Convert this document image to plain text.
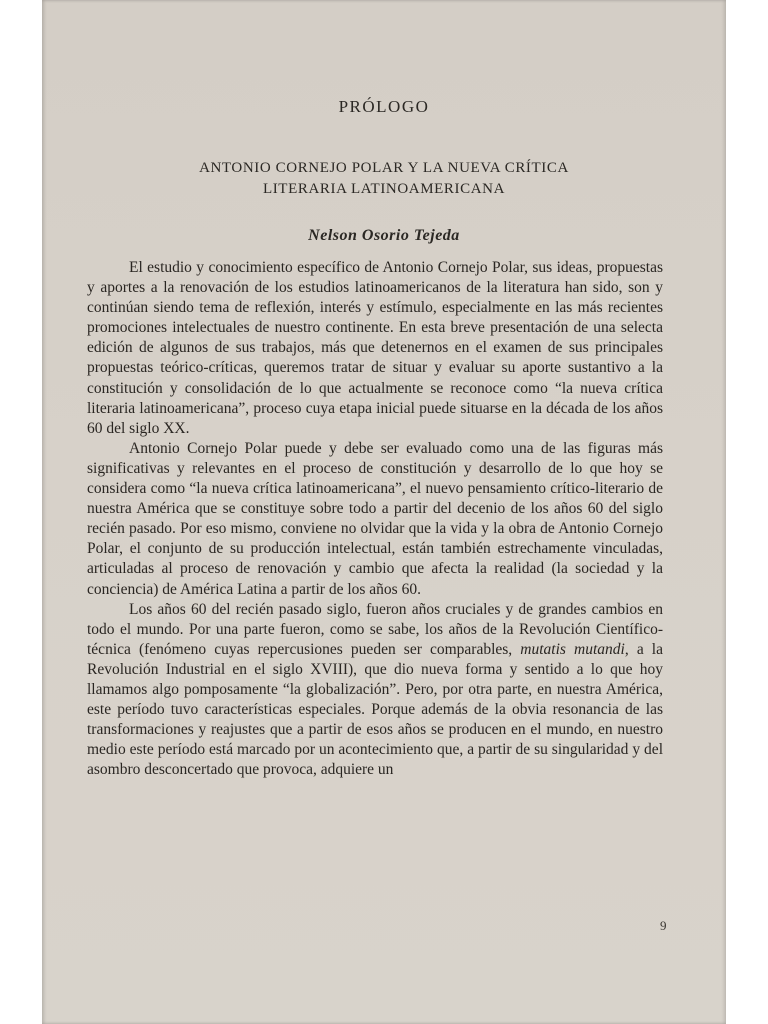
PRÓLOGO
ANTONIO CORNEJO POLAR Y LA NUEVA CRÍTICA
LITERARIA LATINOAMERICANA
Nelson Osorio Tejeda

El estudio y conocimiento específico de Antonio Cornejo Polar, sus ideas, propuestas y aportes a la renovación de los estudios latinoamericanos de la literatura han sido, son y continúan siendo tema de reflexión, interés y estímulo, especialmente en las más recientes promociones intelectuales de nuestro continente. En esta breve presentación de una selecta edición de algunos de sus trabajos, más que detenernos en el examen de sus principales propuestas teórico-críticas, queremos tratar de situar y evaluar su aporte sustantivo a la constitución y consolidación de lo que actualmente se reconoce como “la nueva crítica literaria latinoamericana”, proceso cuya etapa inicial puede situarse en la década de los años 60 del siglo XX.

Antonio Cornejo Polar puede y debe ser evaluado como una de las figuras más significativas y relevantes en el proceso de constitución y desarrollo de lo que hoy se considera como “la nueva crítica latinoamericana”, el nuevo pensamiento crítico-literario de nuestra América que se constituye sobre todo a partir del decenio de los años 60 del siglo recién pasado. Por eso mismo, conviene no olvidar que la vida y la obra de Antonio Cornejo Polar, el conjunto de su producción intelectual, están también estrechamente vinculadas, articuladas al proceso de renovación y cambio que afecta la realidad (la sociedad y la conciencia) de América Latina a partir de los años 60.

Los años 60 del recién pasado siglo, fueron años cruciales y de grandes cambios en todo el mundo. Por una parte fueron, como se sabe, los años de la Revolución Científico-técnica (fenómeno cuyas repercusiones pueden ser comparables, mutatis mutandi, a la Revolución Industrial en el siglo XVIII), que dio nueva forma y sentido a lo que hoy llamamos algo pomposamente “la globalización”. Pero, por otra parte, en nuestra América, este período tuvo características especiales. Porque además de la obvia resonancia de las transformaciones y reajustes que a partir de esos años se producen en el mundo, en nuestro medio este período está marcado por un acontecimiento que, a partir de su singularidad y del asombro desconcertado que provoca, adquiere un

9
